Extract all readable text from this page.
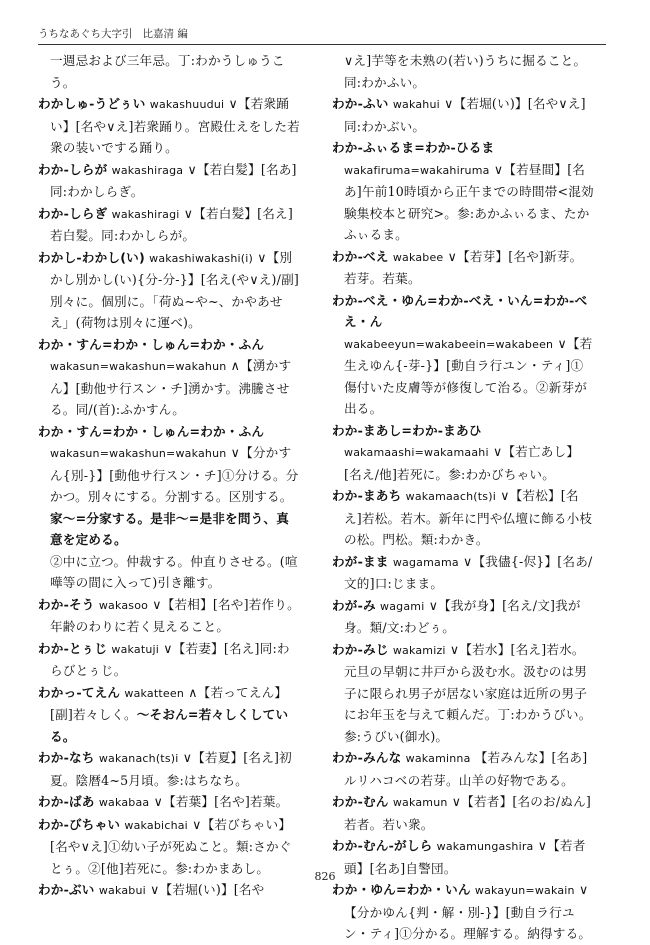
うちなあぐち大字引 比嘉清 編
一週忌および三年忌。丁:わかうしゅうこう。
わかしゅ-うどぅい wakashuudui ∨【若衆踊い】[名や∨え]若衆踊り。宮殿仕えをした若衆の装いでする踊り。
わか-しらが wakashiraga ∨【若白髪】[名あ]同:わかしらぎ。
わか-しらぎ wakashiragi ∨【若白髪】[名え]若白髪。同:わかしらが。
わかし-わかし(い) wakashiwakashi(i) ∨【別かし別かし(い){分-分-}】[名え(や∨え)/副]別々に。個別に。「荷ぬ~や~、かやあせえ」(荷物は別々に運べ)。
わか・すん=わか・しゅん=わか・ふん wakasun=wakashun=wakahun ∧【湧かすん】[動他サ行スン・チ]湧かす。沸騰させる。同/(首):ふかすん。
わか・すん=わか・しゅん=わか・ふん wakasun=wakashun=wakahun ∨【分かすん{別-}】[動他サ行スン・チ]①分ける。分かつ。別々にする。分割する。区別する。家〜=分家する。是非〜=是非を問う、真意を定める。
②中に立つ。仲裁する。仲直りさせる。(喧嘩等の間に入って)引き離す。
わか-そう wakasoo ∨【若相】[名や]若作り。年齢のわりに若く見えること。
わか-とぅじ wakatuji ∨【若妻】[名え]同:わらびとぅじ。
わかっ-てえん wakatteen ∧【若ってえん】[副]若々しく。〜そおん=若々しくしている。
わか-なち wakanach(ts)i ∨【若夏】[名え]初夏。陰暦4~5月頃。参:はちなち。
わか-ばあ wakabaa ∨【若葉】[名や]若葉。
わか-びちゃい wakabichai ∨【若びちゃい】[名や∨え]①幼い子が死ぬこと。類:さかぐとぅ。②[他]若死に。参:わかまあし。
わか-ぶい wakabui ∨【若堀(い)】[名や
∨え]芋等を未熟の(若い)うちに掘ること。同:わかふい。
わか-ふい wakahui ∨【若堀(い)】[名や∨え]同:わかぶい。
わか-ふぃるま=わか-ひるま wakafiruma=wakahiruma ∨【若昼間】[名あ]午前10時頃から正午までの時間帯<混効験集校本と研究>。参:あかふぃるま、たかふぃるま。
わか-べえ wakabee ∨【若芽】[名や]新芽。若芽。若葉。
わか-べえ・ゆん=わか-べえ・いん=わか-べえ・ん wakabeeyun=wakabeein=wakabeen ∨【若生えゆん{-芽-}】[動自ラ行ユン・ティ]①傷付いた皮膚等が修復して治る。②新芽が出る。
わか-まあし=わか-まあひ wakamaashi=wakamaahi ∨【若亡あし】[名え/他]若死に。参:わかびちゃい。
わか-まあち wakamaach(ts)i ∨【若松】[名え]若松。若木。新年に門や仏壇に飾る小枝の松。門松。類:わかき。
わが-まま wagamama ∨【我儘{-侭}】[名あ/文的]口:じまま。
わが-み wagami ∨【我が身】[名え/文]我が身。類/文:わどぅ。
わか-みじ wakamizi ∨【若水】[名え]若水。元旦の早朝に井戸から汲む水。汲むのは男子に限られ男子が居ない家庭は近所の男子にお年玉を与えて頼んだ。丁:わかうびい。参:うびい(御水)。
わか-みんな wakaminna 【若みんな】[名あ]ルリハコベの若芽。山羊の好物である。
わか-むん wakamun ∨【若者】[名のお/ぬん]若者。若い衆。
わか-むん-がしら wakamungashira ∨【若者頭】[名あ]自警団。
わか・ゆん=わか・いん wakayun=wakain ∨【分かゆん{判・解・別-}】[動自ラ行ユン・ティ]①分かる。理解する。納得する。
826
